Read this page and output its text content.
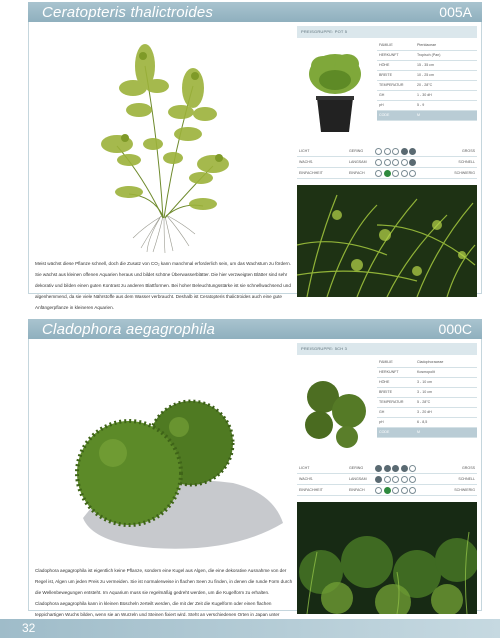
Ceratopteris thalictroides	005A
Meist wächst diese Pflanze schnell, doch die Zusatz von CO₂ kann manchmal erforderlich sein, um das Wachstum zu fördern. Sie wächst aus kleinen offenen Aquarien heraus und bildet schöne Überwasserblätter. Die hier verzweigten Blätter sind sehr dekorativ und bilden einen guten Kontrast zu anderen Blattformen. Bei hoher Beleuchtungsstärke ist sie schnellwachsend und algenhemmend, da sie viele Nährstoffe aus dem Wasser verbraucht. Deshalb ist Ceratopteris thalictroides auch eine gute Anfängerpflanze in kleineren Aquarien.
PREISGRUPPE: POT 5
FAMILIE	Pteridaceae
HERKUNFT	Tropisch (Pan)
HÖHE	15 - 35 cm
BREITE	10 - 25 cm
TEMPERATUR	20 - 28°C
GH	1 - 30 dH
pH	5 - 9
CODE	M
LICHT	GERING	GROSS
WACHS.	LANGSAM	SCHNELL
EINFACHHEIT	EINFACH	SCHWIERIG
Cladophora aegagrophila	000C
Cladophora aegagrophila ist eigentlich keine Pflanze, sondern eine Kugel aus Algen, die eine dekorative Ausnahme von der Regel ist, Algen um jeden Preis zu vermeiden. Sie ist normalerweise in flachen Seen zu finden, in denen die runde Form durch die Wellenbewegungen entsteht. Im Aquarium muss sie regelmäßig gedreht werden, um die Kugelform zu erhalten. Cladophora aegagrophila kann in kleinen Büscheln zerteilt werden, die mit der Zeit die Kugelform oder einen flachen teppichartigen Wuchs bilden, wenn sie an Wurzeln und Steinen fixiert wird. Steht an verschiedenen Orten in Japan unter
PREISGRUPPE: 5CH 3
FAMILIE	Cladophoraceae
HERKUNFT	Kosmopolit
HÖHE	3 - 10 cm
BREITE	3 - 10 cm
TEMPERATUR	5 - 28°C
GH	3 - 20 dH
pH	6 - 8,5
CODE	M
LICHT	GERING	GROSS
WACHS.	LANGSAM	SCHNELL
EINFACHHEIT	EINFACH	SCHWIERIG
32
